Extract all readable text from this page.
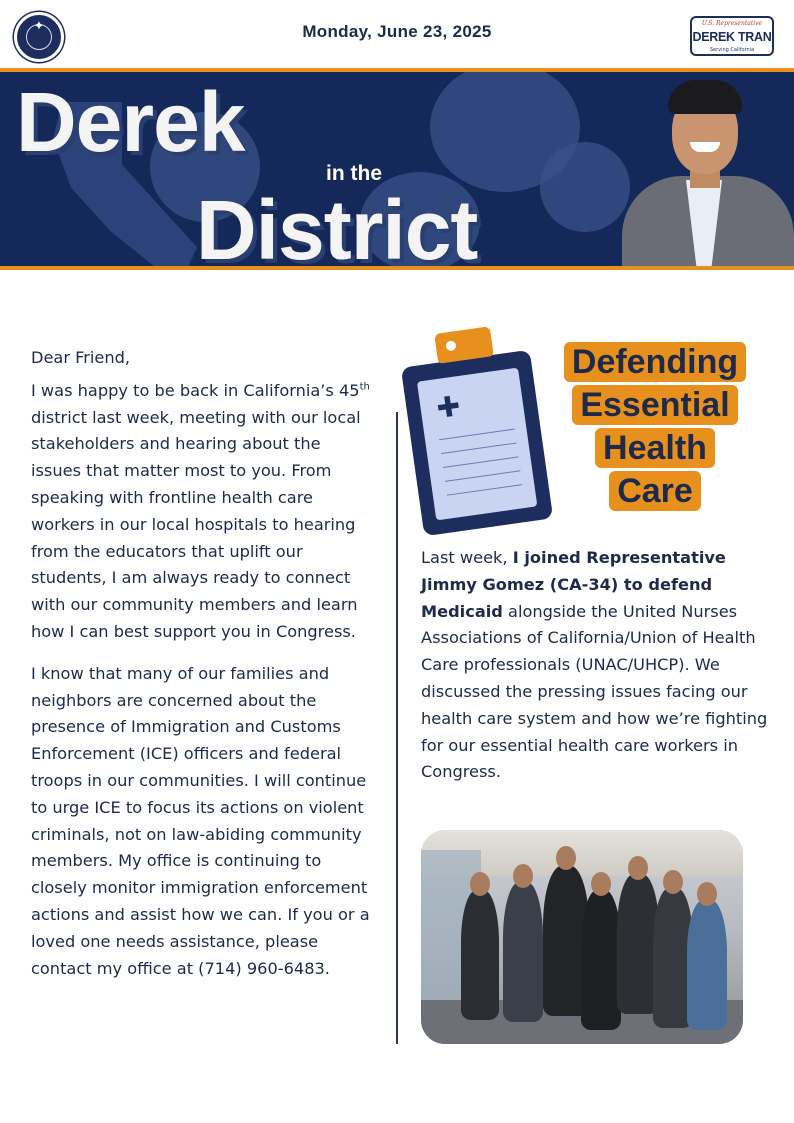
✦	Monday, June 23, 2025	U.S. Representative
DEREK TRAN
Serving California
Derek
in the
District

Dear Friend,

I was happy to be back in California’s 45th district last week, meeting with our local stakeholders and hearing about the issues that matter most to you. From speaking with frontline health care workers in our local hospitals to hearing from the educators that uplift our students, I am always ready to connect with our community members and learn how I can best support you in Congress.

I know that many of our families and neighbors are concerned about the presence of Immigration and Customs Enforcement (ICE) officers and federal troops in our communities. I will continue to urge ICE to focus its actions on violent criminals, not on law-abiding community members. My office is continuing to closely monitor immigration enforcement actions and assist how we can. If you or a loved one needs assistance, please contact my office at (714) 960-6483.

✚
Defending
Essential
Health
Care
Last week, I joined Representative Jimmy Gomez (CA-34) to defend Medicaid alongside the United Nurses Associations of California/Union of Health Care professionals (UNAC/UHCP). We discussed the pressing issues facing our health care system and how we’re fighting for our essential health care workers in Congress.
